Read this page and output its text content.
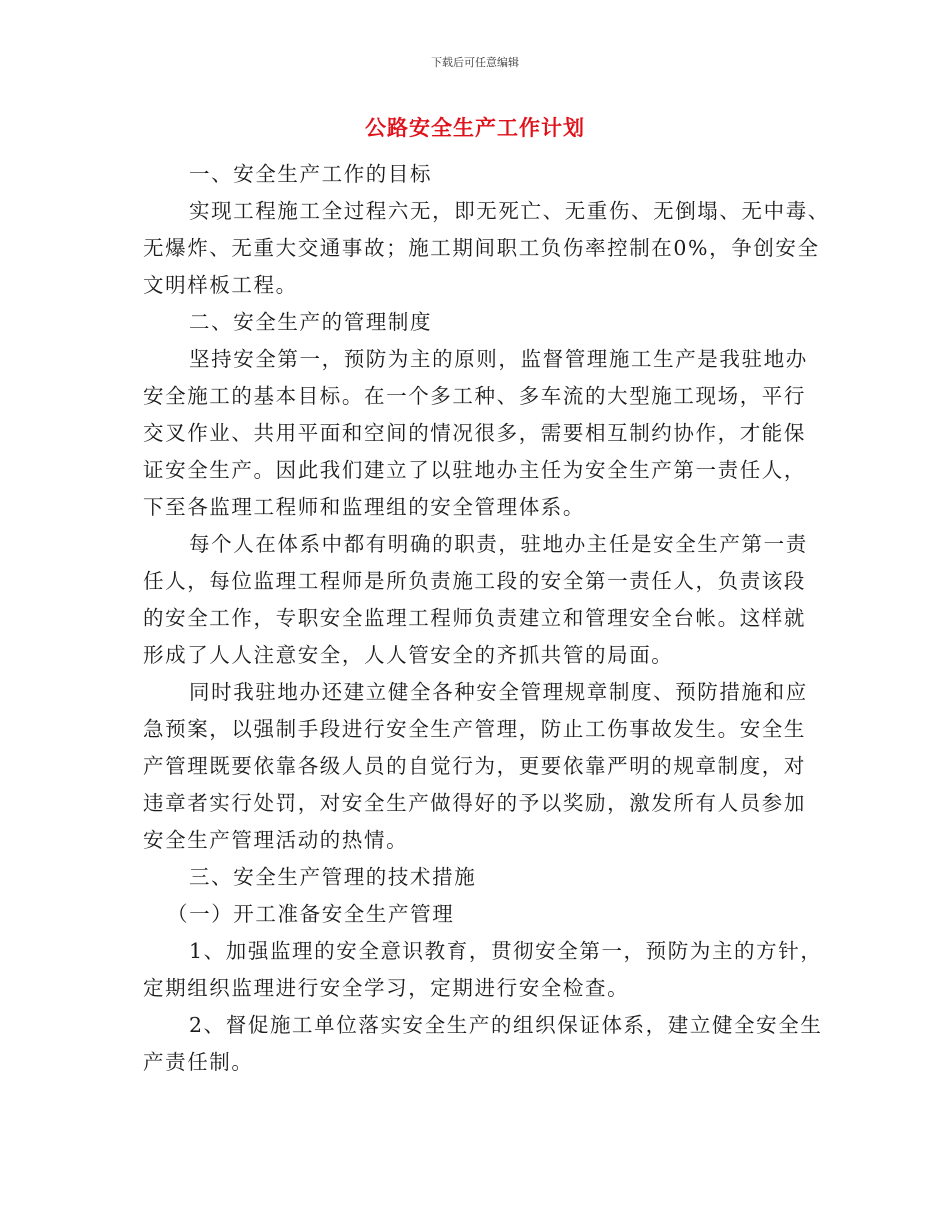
下载后可任意编辑
公路安全生产工作计划
一、安全生产工作的目标
实现工程施工全过程六无，即无死亡、无重伤、无倒塌、无中毒、
无爆炸、无重大交通事故；施工期间职工负伤率控制在0%，争创安全
文明样板工程。
二、安全生产的管理制度
坚持安全第一，预防为主的原则，监督管理施工生产是我驻地办
安全施工的基本目标。在一个多工种、多车流的大型施工现场，平行
交叉作业、共用平面和空间的情况很多，需要相互制约协作，才能保
证安全生产。因此我们建立了以驻地办主任为安全生产第一责任人，
下至各监理工程师和监理组的安全管理体系。
每个人在体系中都有明确的职责，驻地办主任是安全生产第一责
任人，每位监理工程师是所负责施工段的安全第一责任人，负责该段
的安全工作，专职安全监理工程师负责建立和管理安全台帐。这样就
形成了人人注意安全，人人管安全的齐抓共管的局面。
同时我驻地办还建立健全各种安全管理规章制度、预防措施和应
急预案，以强制手段进行安全生产管理，防止工伤事故发生。安全生
产管理既要依靠各级人员的自觉行为，更要依靠严明的规章制度，对
违章者实行处罚，对安全生产做得好的予以奖励，激发所有人员参加
安全生产管理活动的热情。
三、安全生产管理的技术措施
（一）开工准备安全生产管理
1、加强监理的安全意识教育，贯彻安全第一，预防为主的方针，
定期组织监理进行安全学习，定期进行安全检查。
2、督促施工单位落实安全生产的组织保证体系，建立健全安全生
产责任制。
